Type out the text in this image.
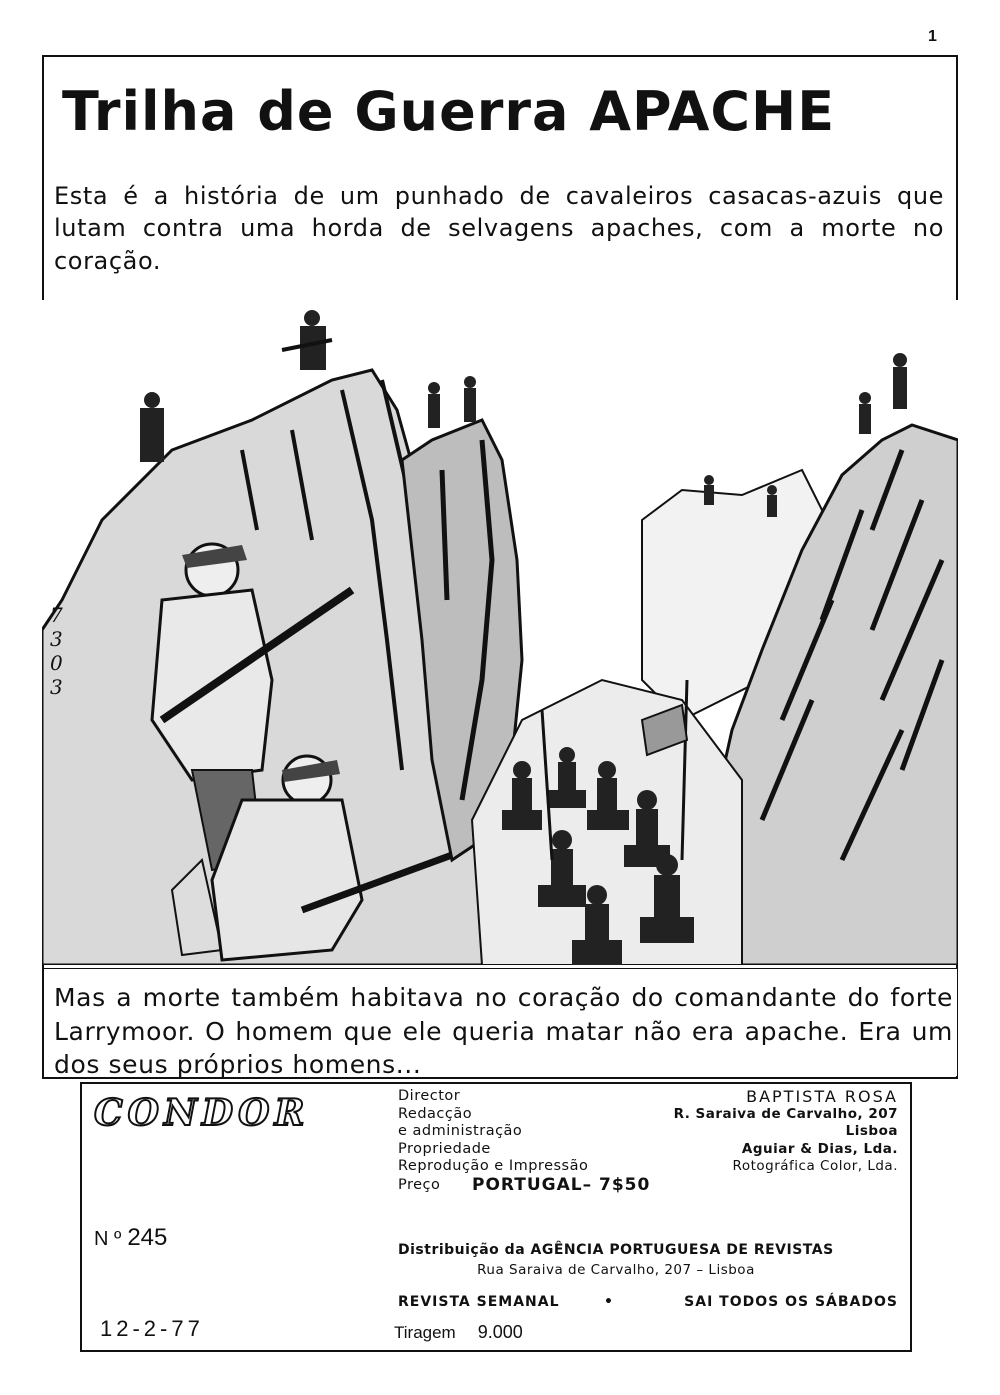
1
Trilha de Guerra APACHE

Esta é a história de um punhado de cavaleiros casacas-azuis que lutam contra uma horda de selvagens apaches, com a morte no coração.

7
3
0
3

Mas a morte também habitava no coração do comandante do forte Larrymoor. O homem que ele queria matar não era apache. Era um dos seus próprios homens...

CONDOR	Director	BAPTISTA ROSA
Redacção	R. Saraiva de Carvalho, 207
e administração	Lisboa
Propriedade	Aguiar & Dias, Lda.
Reprodução e Impressão	Rotográfica Color, Lda.
Preço PORTUGAL– 7$50
N º 245	Distribuição da AGÊNCIA PORTUGUESA DE REVISTAS
Rua Saraiva de Carvalho, 207 – Lisboa
REVISTA SEMANAL	•	SAI TODOS OS SÁBADOS
12-2-77	Tiragem 9.000
